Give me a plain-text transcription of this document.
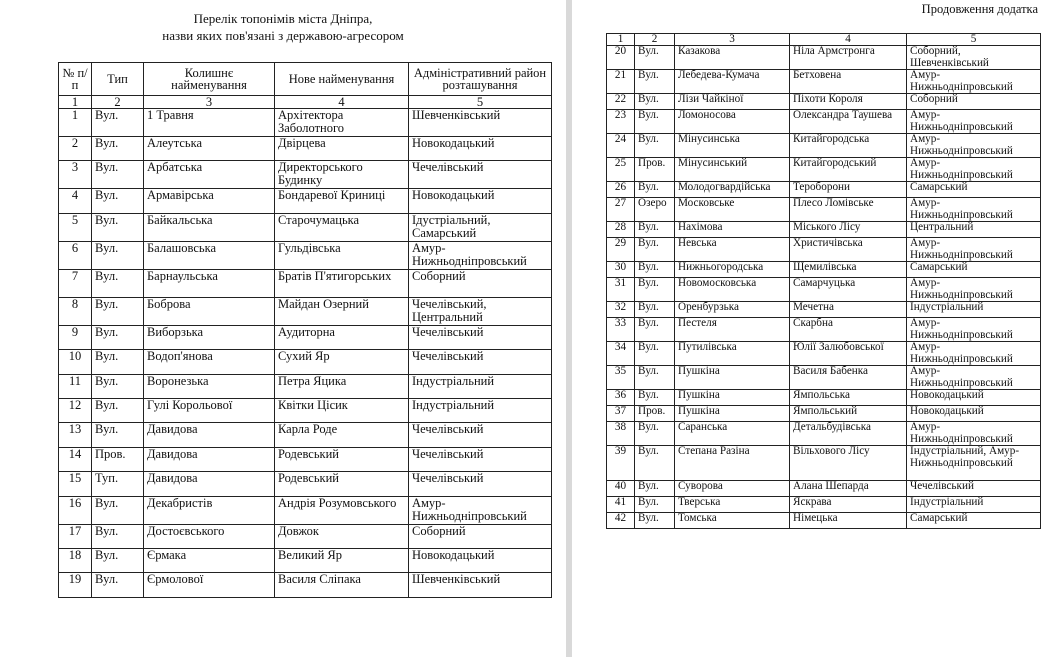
Перелік топонімів міста Дніпра,
назви яких пов'язані з державою-агресором
№ п/п	Тип	Колишнє найменування	Нове найменування	Адміністративний район розташування
1	2	3	4	5
1	Вул.	1 Травня	Архітектора Заболотного	Шевченківський
2	Вул.	Алеутська	Двірцева	Новокодацький
3	Вул.	Арбатська	Директорського Будинку	Чечелівський
4	Вул.	Армавірська	Бондаревої Криниці	Новокодацький
5	Вул.	Байкальська	Старочумацька	Ідустріальний, Самарський
6	Вул.	Балашовська	Гульдівська	Амур-Нижньодніпровський
7	Вул.	Барнаульська	Братів П'ятигорських	Соборний
8	Вул.	Боброва	Майдан Озерний	Чечелівський, Центральний
9	Вул.	Виборзька	Аудиторна	Чечелівський
10	Вул.	Водоп'янова	Сухий Яр	Чечелівський
11	Вул.	Воронезька	Петра Яцика	Індустріальний
12	Вул.	Гулі Корольової	Квітки Цісик	Індустріальний
13	Вул.	Давидова	Карла Роде	Чечелівський
14	Пров.	Давидова	Родевський	Чечелівський
15	Туп.	Давидова	Родевський	Чечелівський
16	Вул.	Декабристів	Андрія Розумовського	Амур-Нижньодніпровський
17	Вул.	Достоєвського	Довжок	Соборний
18	Вул.	Єрмака	Великий Яр	Новокодацький
19	Вул.	Єрмолової	Василя Сліпака	Шевченківський
Продовження додатка
1	2	3	4	5
20	Вул.	Казакова	Ніла Армстронга	Соборний, Шевченківський
21	Вул.	Лебедева-Кумача	Бетховена	Амур-Нижньодніпровський
22	Вул.	Лізи Чайкіної	Піхоти Короля	Соборний
23	Вул.	Ломоносова	Олександра Таушева	Амур-Нижньодніпровський
24	Вул.	Мінусинська	Китайгородська	Амур-Нижньодніпровський
25	Пров.	Мінусинський	Китайгородський	Амур-Нижньодніпровський
26	Вул.	Молодогвардійська	Тероборони	Самарський
27	Озеро	Московське	Плесо Ломівське	Амур-Нижньодніпровський
28	Вул.	Нахімова	Міського Лісу	Центральний
29	Вул.	Невська	Христичівська	Амур-Нижньодніпровський
30	Вул.	Нижньогородська	Щемилівська	Самарський
31	Вул.	Новомосковська	Самарчуцька	Амур-Нижньодніпровський
32	Вул.	Оренбурзька	Мечетна	Індустріальний
33	Вул.	Пестеля	Скарбна	Амур-Нижньодніпровський
34	Вул.	Путилівська	Юлії Залюбовської	Амур-Нижньодніпровський
35	Вул.	Пушкіна	Василя Бабенка	Амур-Нижньодніпровський
36	Вул.	Пушкіна	Ямпольська	Новокодацький
37	Пров.	Пушкіна	Ямпольський	Новокодацький
38	Вул.	Саранська	Детальбудівська	Амур-Нижньодніпровський
39	Вул.	Степана Разіна	Вільхового Лісу	Індустріальний, Амур-Нижньодніпровський
40	Вул.	Суворова	Алана Шепарда	Чечелівський
41	Вул.	Тверська	Яскрава	Індустріальний
42	Вул.	Томська	Німецька	Самарський
